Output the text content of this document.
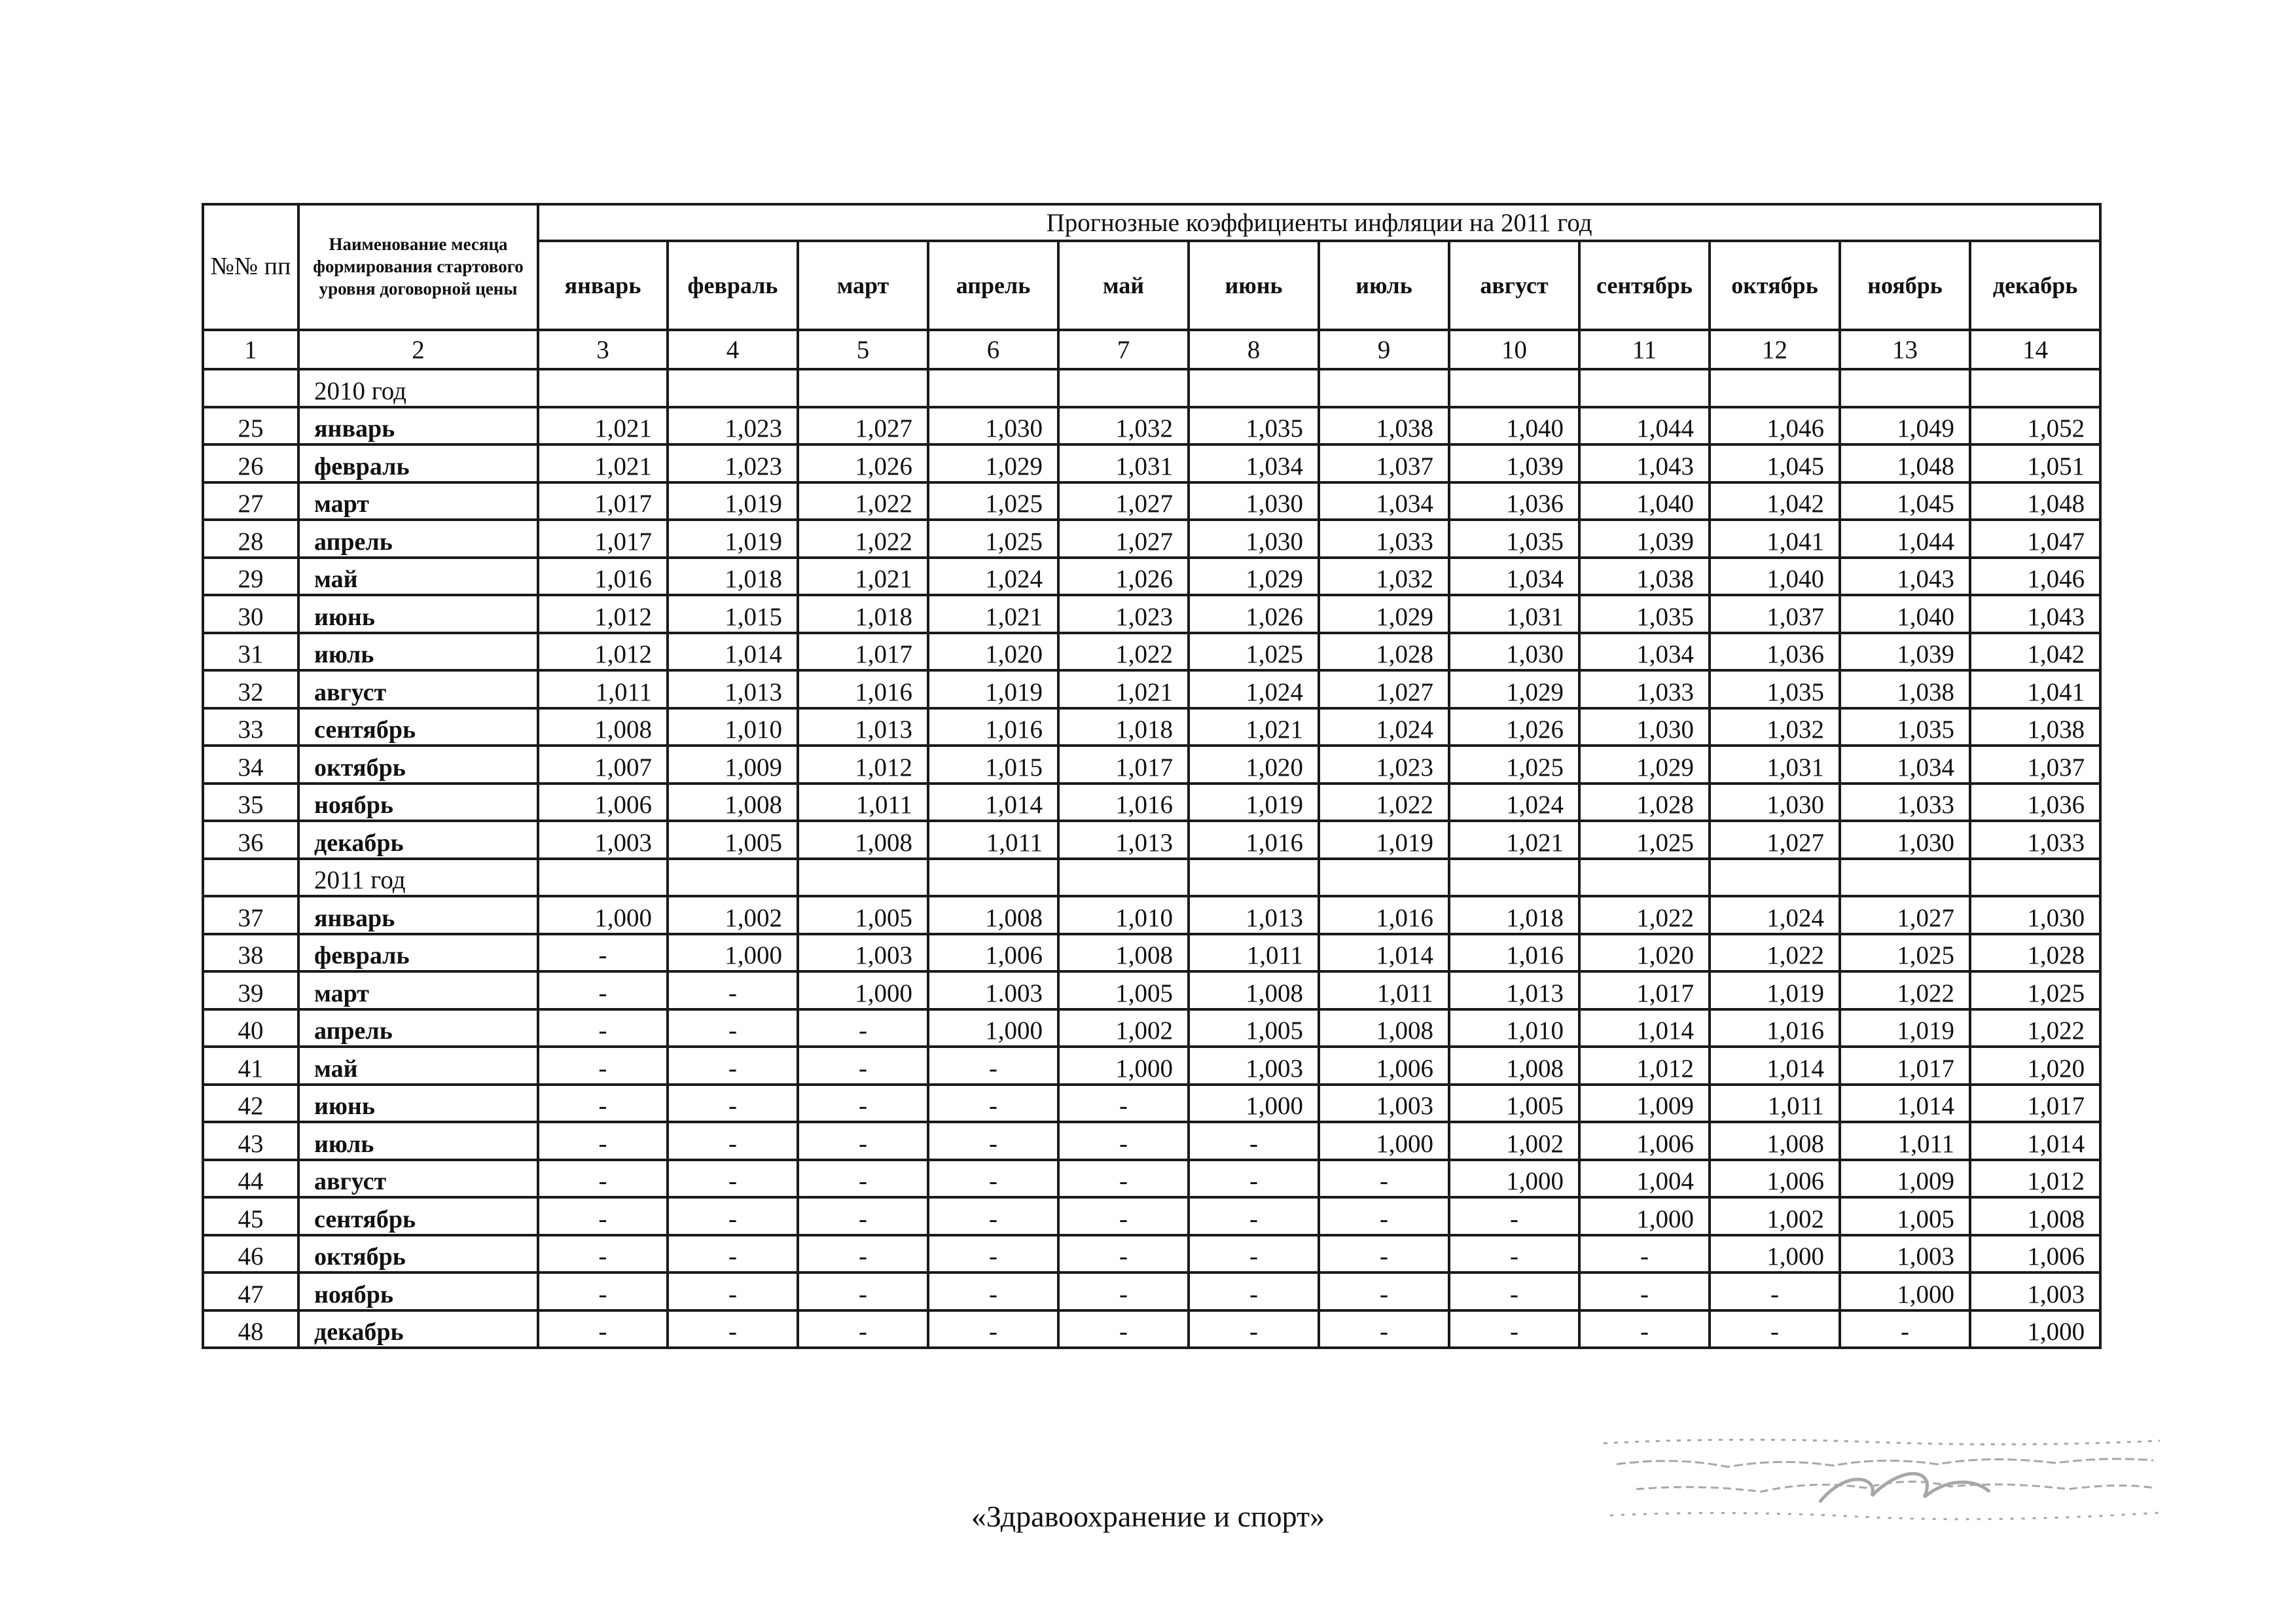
№№ пп	Наименование месяца формирования стартового уровня договорной цены	Прогнозные коэффициенты инфляции на 2011 год											
		январь	февраль	март	апрель	май	июнь	июль	август	сентябрь	октябрь	ноябрь	декабрь
1	2	3	4	5	6	7	8	9	10	11	12	13	14
	2010 год												
25	январь	1,021	1,023	1,027	1,030	1,032	1,035	1,038	1,040	1,044	1,046	1,049	1,052
26	февраль	1,021	1,023	1,026	1,029	1,031	1,034	1,037	1,039	1,043	1,045	1,048	1,051
27	март	1,017	1,019	1,022	1,025	1,027	1,030	1,034	1,036	1,040	1,042	1,045	1,048
28	апрель	1,017	1,019	1,022	1,025	1,027	1,030	1,033	1,035	1,039	1,041	1,044	1,047
29	май	1,016	1,018	1,021	1,024	1,026	1,029	1,032	1,034	1,038	1,040	1,043	1,046
30	июнь	1,012	1,015	1,018	1,021	1,023	1,026	1,029	1,031	1,035	1,037	1,040	1,043
31	июль	1,012	1,014	1,017	1,020	1,022	1,025	1,028	1,030	1,034	1,036	1,039	1,042
32	август	1,011	1,013	1,016	1,019	1,021	1,024	1,027	1,029	1,033	1,035	1,038	1,041
33	сентябрь	1,008	1,010	1,013	1,016	1,018	1,021	1,024	1,026	1,030	1,032	1,035	1,038
34	октябрь	1,007	1,009	1,012	1,015	1,017	1,020	1,023	1,025	1,029	1,031	1,034	1,037
35	ноябрь	1,006	1,008	1,011	1,014	1,016	1,019	1,022	1,024	1,028	1,030	1,033	1,036
36	декабрь	1,003	1,005	1,008	1,011	1,013	1,016	1,019	1,021	1,025	1,027	1,030	1,033
	2011 год												
37	январь	1,000	1,002	1,005	1,008	1,010	1,013	1,016	1,018	1,022	1,024	1,027	1,030
38	февраль	-	1,000	1,003	1,006	1,008	1,011	1,014	1,016	1,020	1,022	1,025	1,028
39	март	-	-	1,000	1.003	1,005	1,008	1,011	1,013	1,017	1,019	1,022	1,025
40	апрель	-	-	-	1,000	1,002	1,005	1,008	1,010	1,014	1,016	1,019	1,022
41	май	-	-	-	-	1,000	1,003	1,006	1,008	1,012	1,014	1,017	1,020
42	июнь	-	-	-	-	-	1,000	1,003	1,005	1,009	1,011	1,014	1,017
43	июль	-	-	-	-	-	-	1,000	1,002	1,006	1,008	1,011	1,014
44	август	-	-	-	-	-	-	-	1,000	1,004	1,006	1,009	1,012
45	сентябрь	-	-	-	-	-	-	-	-	1,000	1,002	1,005	1,008
46	октябрь	-	-	-	-	-	-	-	-	-	1,000	1,003	1,006
47	ноябрь	-	-	-	-	-	-	-	-	-	-	1,000	1,003
48	декабрь	-	-	-	-	-	-	-	-	-	-	-	1,000
«Здравоохранение и спорт»
